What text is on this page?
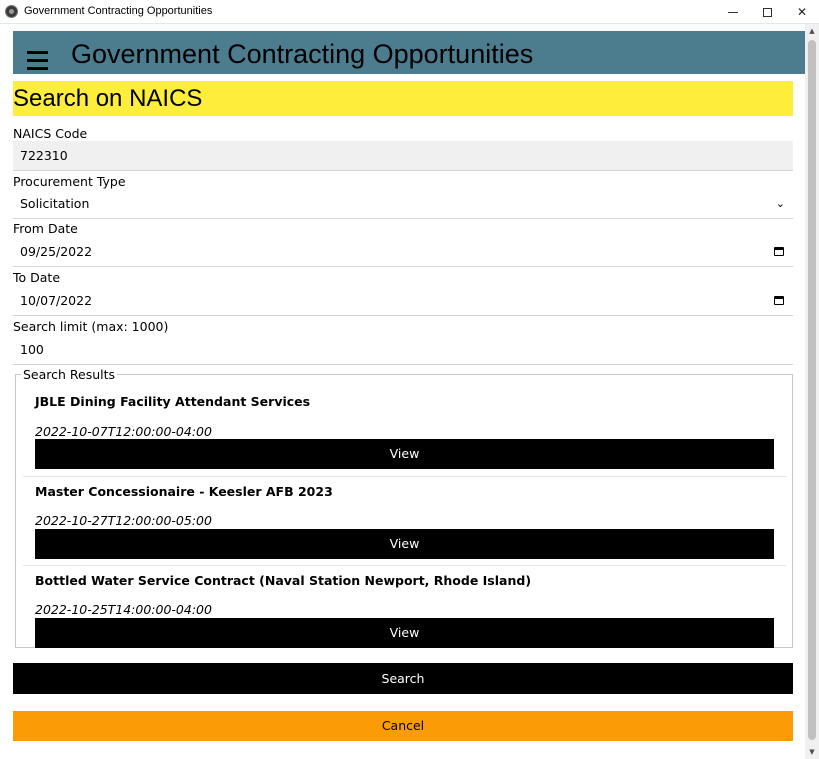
Government Contracting Opportunities	✕
▲
▼
Government Contracting Opportunities
Search on NAICS
NAICS Code
722310
Procurement Type
Solicitation	⌄
From Date
09/25/2022
To Date
10/07/2022
Search limit (max: 1000)
100
Search Results
JBLE Dining Facility Attendant Services
2022-10-07T12:00:00-04:00
View
Master Concessionaire - Keesler AFB 2023
2022-10-27T12:00:00-05:00
View
Bottled Water Service Contract (Naval Station Newport, Rhode Island)
2022-10-25T14:00:00-04:00
View
Search
Cancel
